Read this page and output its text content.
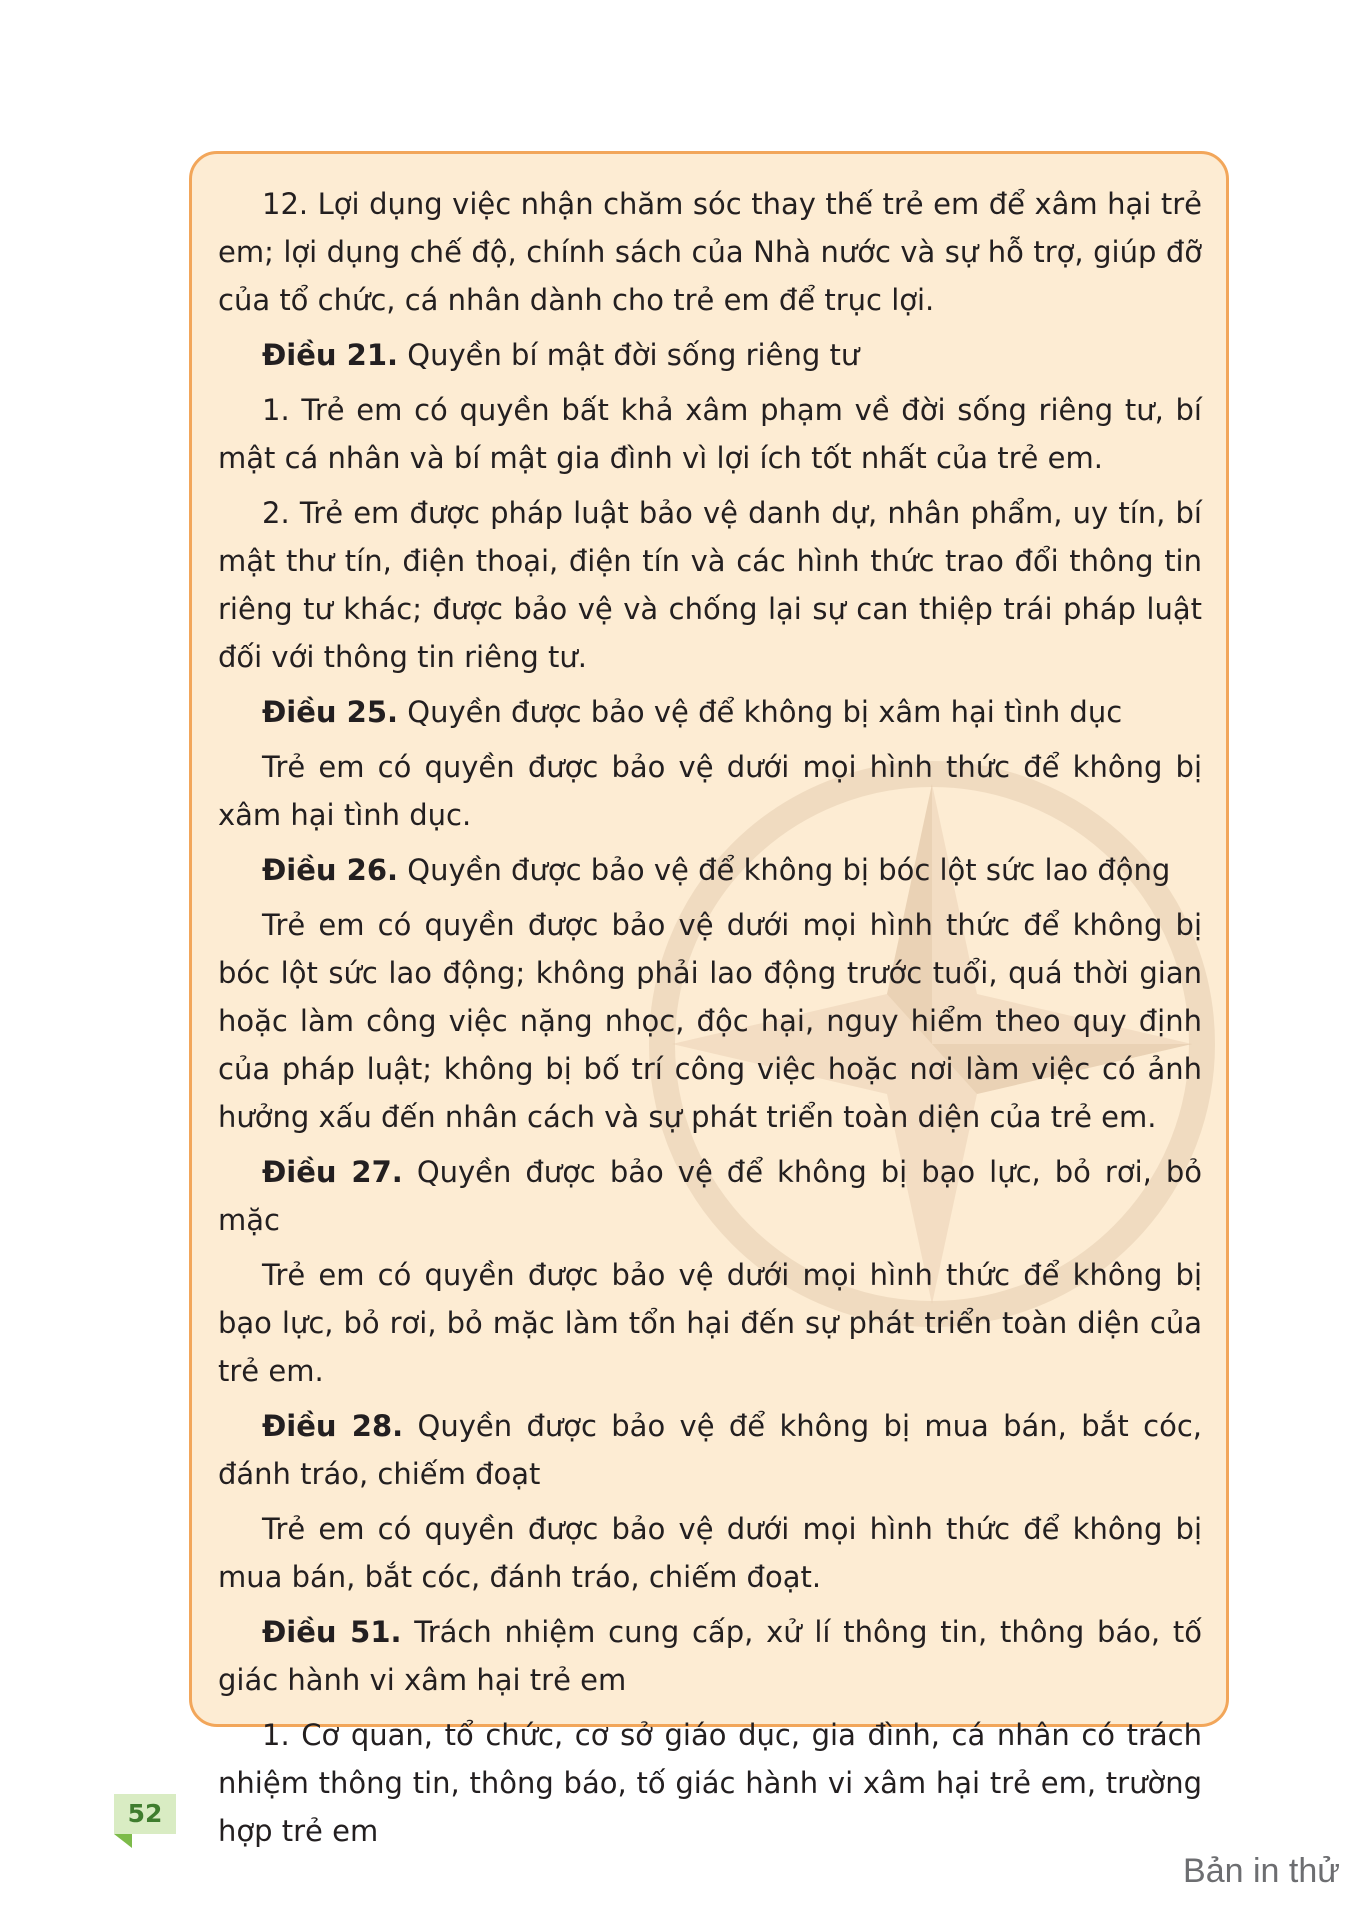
12. Lợi dụng việc nhận chăm sóc thay thế trẻ em để xâm hại trẻ em; lợi dụng chế độ, chính sách của Nhà nước và sự hỗ trợ, giúp đỡ của tổ chức, cá nhân dành cho trẻ em để trục lợi.

Điều 21. Quyền bí mật đời sống riêng tư

1. Trẻ em có quyền bất khả xâm phạm về đời sống riêng tư, bí mật cá nhân và bí mật gia đình vì lợi ích tốt nhất của trẻ em.

2. Trẻ em được pháp luật bảo vệ danh dự, nhân phẩm, uy tín, bí mật thư tín, điện thoại, điện tín và các hình thức trao đổi thông tin riêng tư khác; được bảo vệ và chống lại sự can thiệp trái pháp luật đối với thông tin riêng tư.

Điều 25. Quyền được bảo vệ để không bị xâm hại tình dục

Trẻ em có quyền được bảo vệ dưới mọi hình thức để không bị xâm hại tình dục.

Điều 26. Quyền được bảo vệ để không bị bóc lột sức lao động

Trẻ em có quyền được bảo vệ dưới mọi hình thức để không bị bóc lột sức lao động; không phải lao động trước tuổi, quá thời gian hoặc làm công việc nặng nhọc, độc hại, nguy hiểm theo quy định của pháp luật; không bị bố trí công việc hoặc nơi làm việc có ảnh hưởng xấu đến nhân cách và sự phát triển toàn diện của trẻ em.

Điều 27. Quyền được bảo vệ để không bị bạo lực, bỏ rơi, bỏ mặc

Trẻ em có quyền được bảo vệ dưới mọi hình thức để không bị bạo lực, bỏ rơi, bỏ mặc làm tổn hại đến sự phát triển toàn diện của trẻ em.

Điều 28. Quyền được bảo vệ để không bị mua bán, bắt cóc, đánh tráo, chiếm đoạt

Trẻ em có quyền được bảo vệ dưới mọi hình thức để không bị mua bán, bắt cóc, đánh tráo, chiếm đoạt.

Điều 51. Trách nhiệm cung cấp, xử lí thông tin, thông báo, tố giác hành vi xâm hại trẻ em

1. Cơ quan, tổ chức, cơ sở giáo dục, gia đình, cá nhân có trách nhiệm thông tin, thông báo, tố giác hành vi xâm hại trẻ em, trường hợp trẻ em

52
Bản in thử
